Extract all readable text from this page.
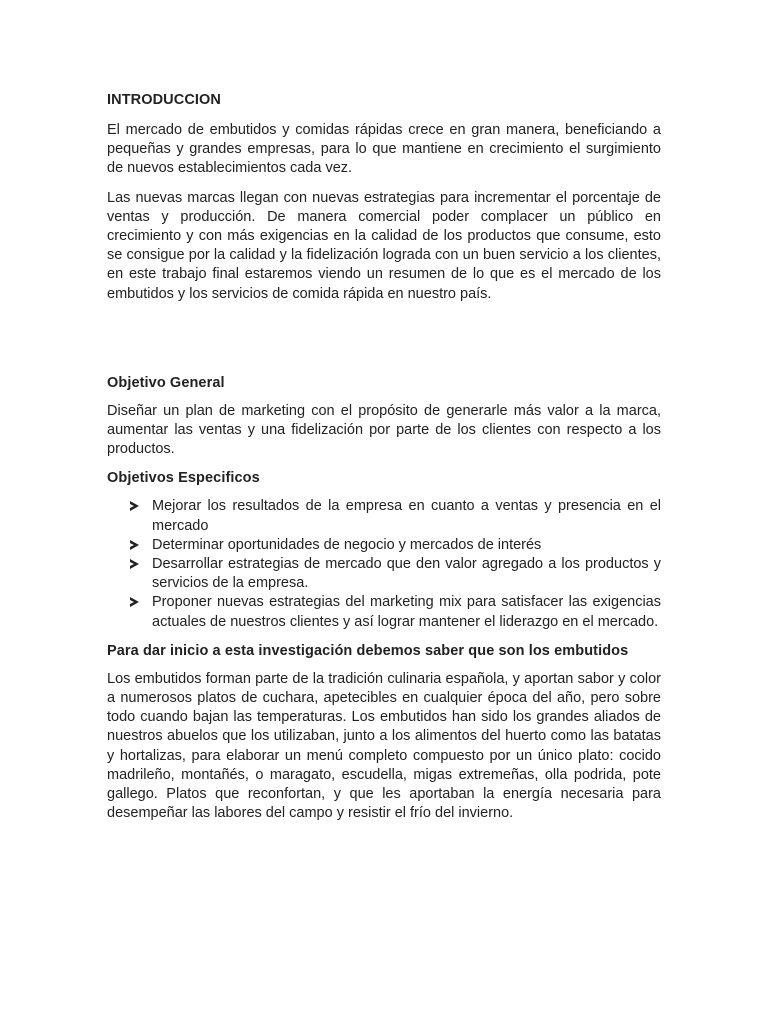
INTRODUCCION

El mercado de embutidos y comidas rápidas crece en gran manera, beneficiando a pequeñas y grandes empresas, para lo que mantiene en crecimiento el surgimiento de nuevos establecimientos cada vez.

Las nuevas marcas llegan con nuevas estrategias para incrementar el porcentaje de ventas y producción. De manera comercial poder complacer un público en crecimiento y con más exigencias en la calidad de los productos que consume, esto se consigue por la calidad y la fidelización lograda con un buen servicio a los clientes, en este trabajo final estaremos viendo un resumen de lo que es el mercado de los embutidos y los servicios de comida rápida en nuestro país.

Objetivo General

Diseñar un plan de marketing con el propósito de generarle más valor a la marca, aumentar las ventas y una fidelización por parte de los clientes con respecto a los productos.

Objetivos Especificos
Mejorar los resultados de la empresa en cuanto a ventas y presencia en el mercado
Determinar oportunidades de negocio y mercados de interés
Desarrollar estrategias de mercado que den valor agregado a los productos y servicios de la empresa.
Proponer nuevas estrategias del marketing mix para satisfacer las exigencias actuales de nuestros clientes y así lograr mantener el liderazgo en el mercado.
Para dar inicio a esta investigación debemos saber que son los embutidos

Los embutidos forman parte de la tradición culinaria española, y aportan sabor y color a numerosos platos de cuchara, apetecibles en cualquier época del año, pero sobre todo cuando bajan las temperaturas. Los embutidos han sido los grandes aliados de nuestros abuelos que los utilizaban, junto a los alimentos del huerto como las batatas y hortalizas, para elaborar un menú completo compuesto por un único plato: cocido madrileño, montañés, o maragato, escudella, migas extremeñas, olla podrida, pote gallego. Platos que reconfortan, y que les aportaban la energía necesaria para desempeñar las labores del campo y resistir el frío del invierno.
